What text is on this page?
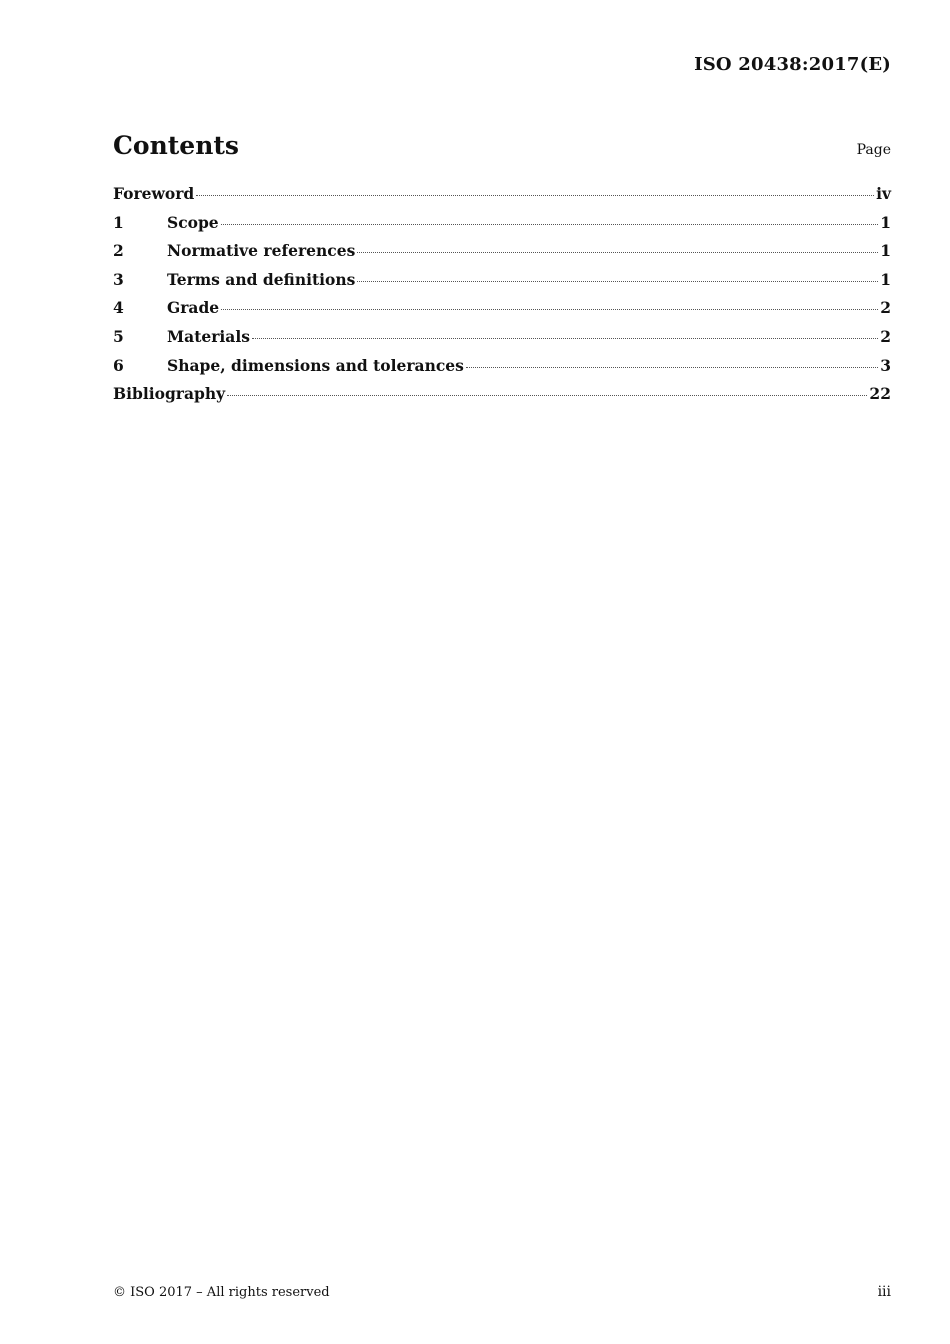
ISO 20438:2017(E)
Contents	Page
Foreword	iv
1	Scope	1
2	Normative references	1
3	Terms and definitions	1
4	Grade	2
5	Materials	2
6	Shape, dimensions and tolerances	3
Bibliography	22
© ISO 2017 – All rights reserved	iii
